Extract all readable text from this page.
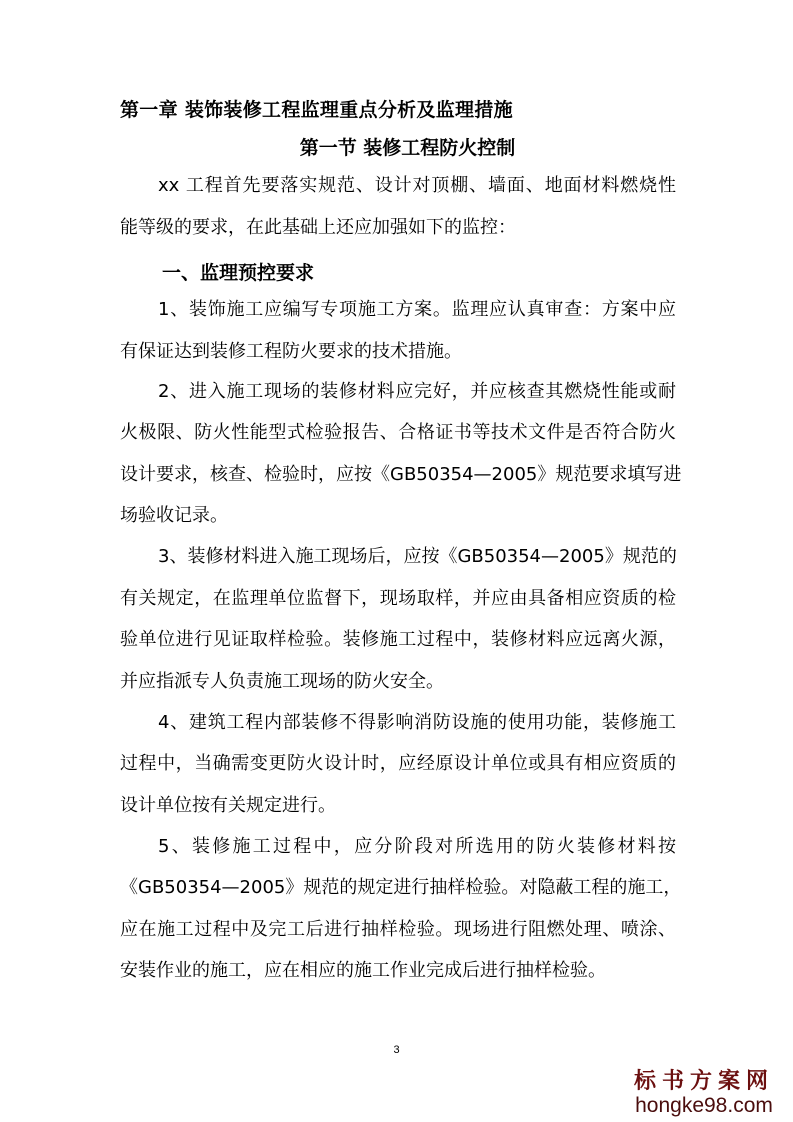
第一章 装饰装修工程监理重点分析及监理措施
第一节 装修工程防火控制
xx 工程首先要落实规范、设计对顶棚、墙面、地面材料燃烧性
能等级的要求，在此基础上还应加强如下的监控：
一、监理预控要求
1、装饰施工应编写专项施工方案。监理应认真审查：方案中应
有保证达到装修工程防火要求的技术措施。
2、进入施工现场的装修材料应完好，并应核查其燃烧性能或耐
火极限、防火性能型式检验报告、合格证书等技术文件是否符合防火
设计要求，核查、检验时，应按《GB50354—2005》规范要求填写进
场验收记录。
3、装修材料进入施工现场后，应按《GB50354—2005》规范的
有关规定，在监理单位监督下，现场取样，并应由具备相应资质的检
验单位进行见证取样检验。装修施工过程中，装修材料应远离火源，
并应指派专人负责施工现场的防火安全。
4、建筑工程内部装修不得影响消防设施的使用功能，装修施工
过程中，当确需变更防火设计时，应经原设计单位或具有相应资质的
设计单位按有关规定进行。
5、装修施工过程中，应分阶段对所选用的防火装修材料按
《GB50354—2005》规范的规定进行抽样检验。对隐蔽工程的施工，
应在施工过程中及完工后进行抽样检验。现场进行阻燃处理、喷涂、
安装作业的施工，应在相应的施工作业完成后进行抽样检验。
3
标书方案网
hongke98.com
